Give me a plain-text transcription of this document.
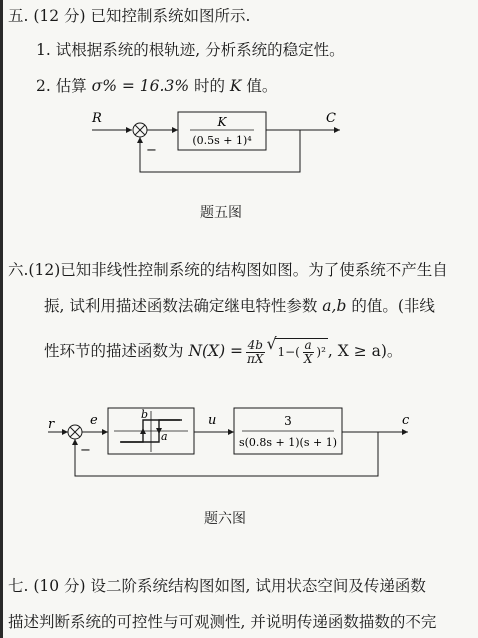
五. (12 分) 已知控制系统如图所示.
1. 试根据系统的根轨迹, 分析系统的稳定性。
2. 估算 σ% = 16.3% 时的 K 值。
R
−
K
(0.5s + 1)⁴
C
题五图
六.(12)已知非线性控制系统的结构图如图。为了使系统不产生自
振, 试利用描述函数法确定继电特性参数 a,b 的值。(非线
性环节的描述函数为 $N(X) = \frac{4b}{\pi X}$
√ $1-( \frac{a}{X} )^2$ , X ≥ a)。
r
−
e	b
a
u	3
s(0.8s + 1)(s + 1)
c
题六图
七. (10 分) 设二阶系统结构图如图, 试用状态空间及传递函数
描述判断系统的可控性与可观测性, 并说明传递函数描数的不完
